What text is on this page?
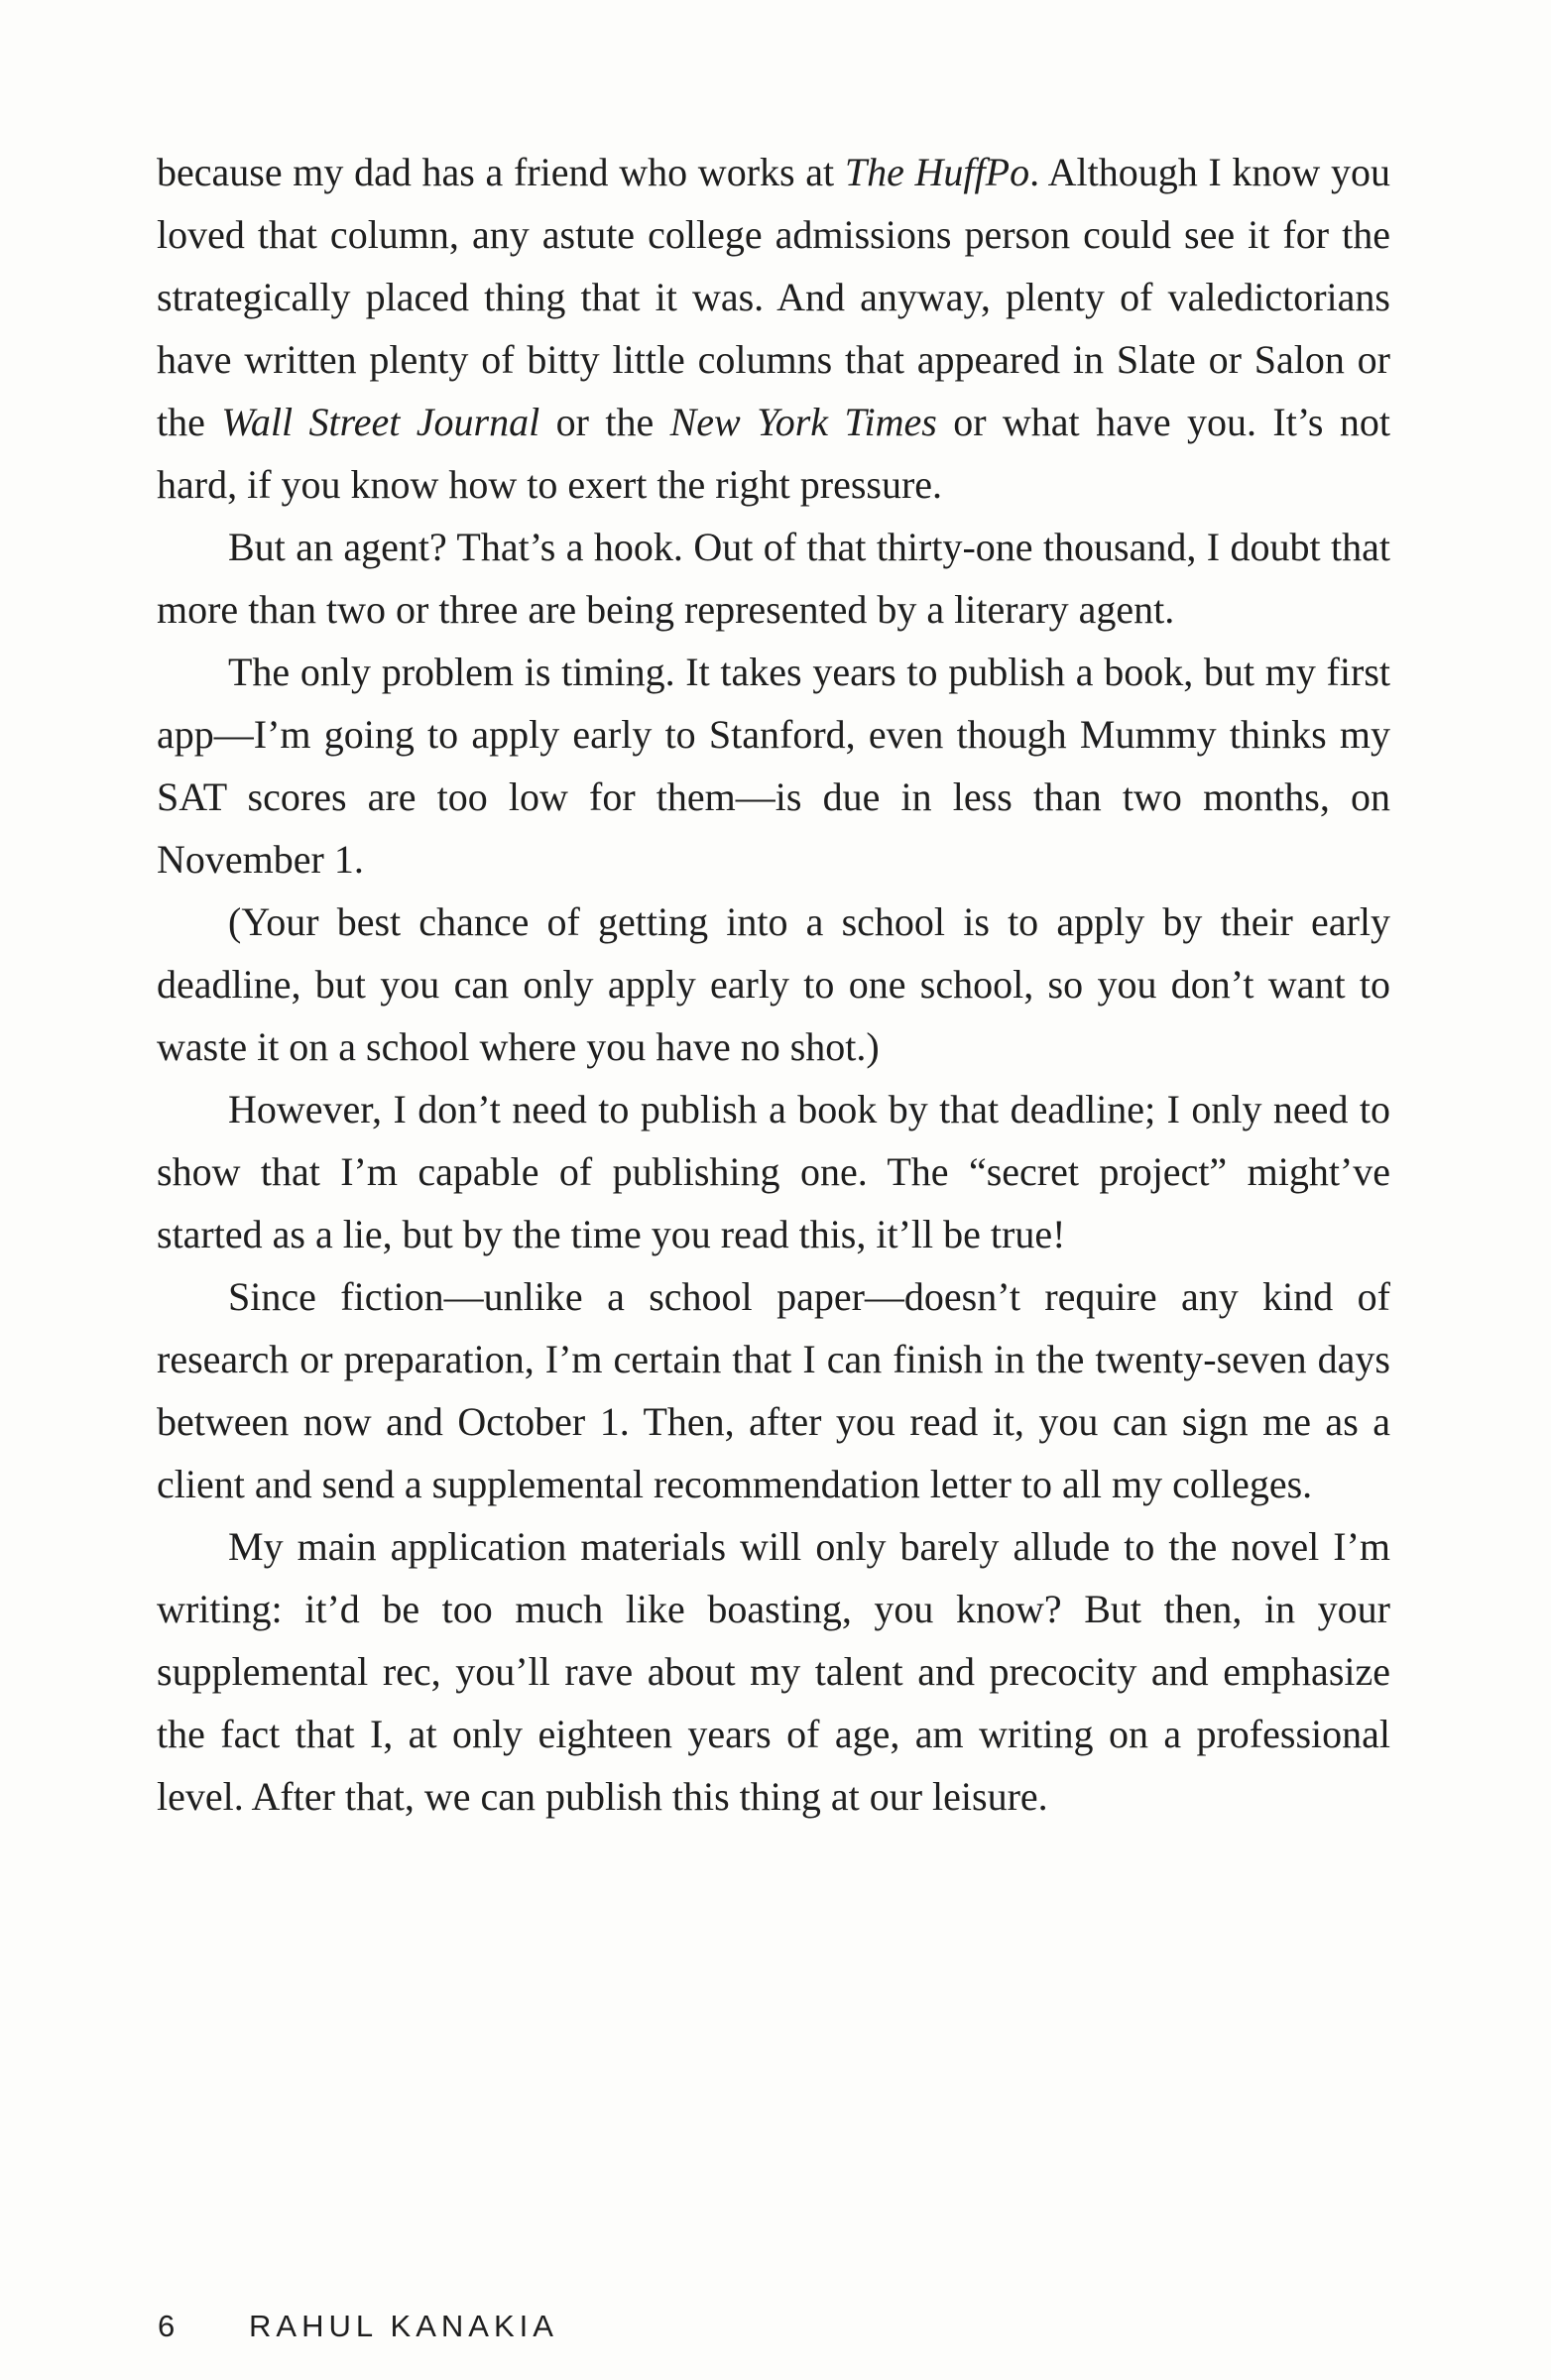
because my dad has a friend who works at The HuffPo. Although I know you loved that column, any astute college admissions person could see it for the strategically placed thing that it was. And anyway, plenty of valedictorians have written plenty of bitty little columns that appeared in Slate or Salon or the Wall Street Journal or the New York Times or what have you. It’s not hard, if you know how to exert the right pressure.

But an agent? That’s a hook. Out of that thirty-one thousand, I doubt that more than two or three are being represented by a literary agent.

The only problem is timing. It takes years to publish a book, but my first app—I’m going to apply early to Stanford, even though Mummy thinks my SAT scores are too low for them—is due in less than two months, on November 1.

(Your best chance of getting into a school is to apply by their early deadline, but you can only apply early to one school, so you don’t want to waste it on a school where you have no shot.)

However, I don’t need to publish a book by that deadline; I only need to show that I’m capable of publishing one. The “secret project” might’ve started as a lie, but by the time you read this, it’ll be true!

Since fiction—unlike a school paper—doesn’t require any kind of research or preparation, I’m certain that I can finish in the twenty-seven days between now and October 1. Then, after you read it, you can sign me as a client and send a supplemental recommendation letter to all my colleges.

My main application materials will only barely allude to the novel I’m writing: it’d be too much like boasting, you know? But then, in your supplemental rec, you’ll rave about my talent and precocity and emphasize the fact that I, at only eighteen years of age, am writing on a professional level. After that, we can publish this thing at our leisure.

6 RAHUL KANAKIA
